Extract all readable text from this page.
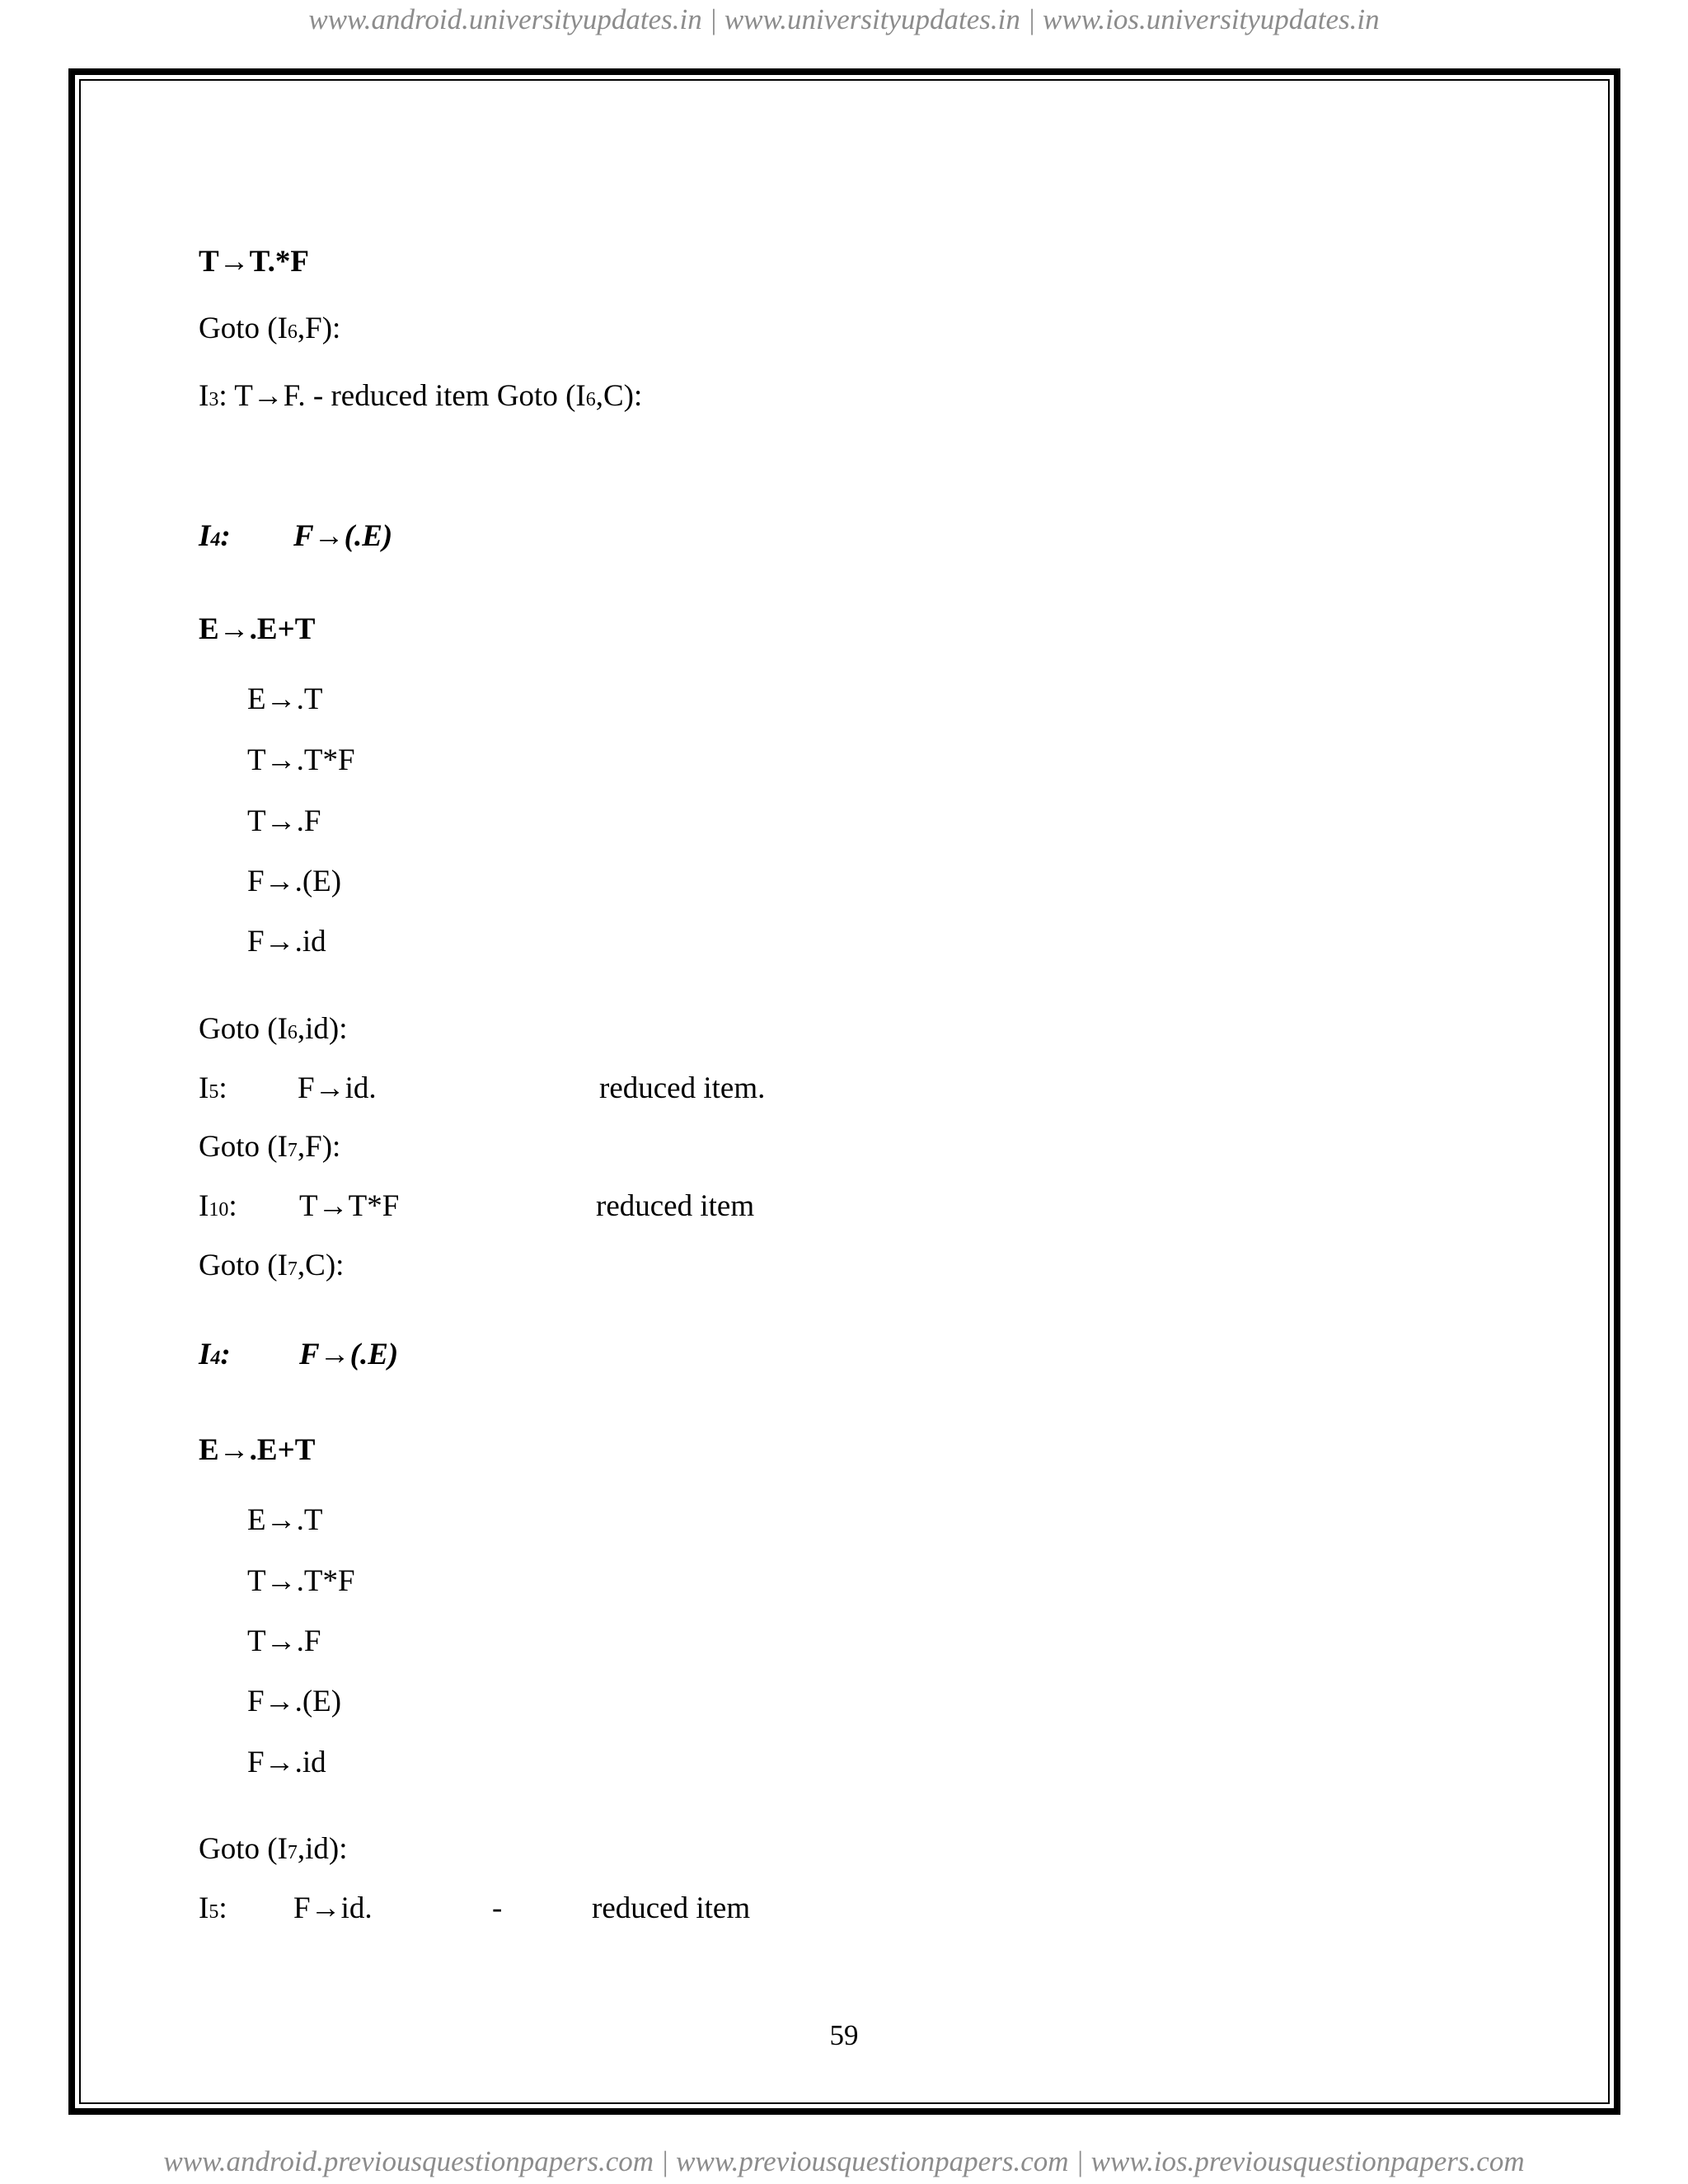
www.android.universityupdates.in | www.universityupdates.in | www.ios.universityupdates.in
T→T.*F
Goto (I6,F):
I3: T→F. - reduced item Goto (I6,C):
I4: F→(.E)
E→.E+T
E→.T
T→.T*F
T→.F
F→.(E)
F→.id
Goto (I6,id):
I5: F→id.	reduced item.
Goto (I7,F):
I10: T→T*F	reduced item
Goto (I7,C):
I4: F→(.E)
E→.E+T
E→.T
T→.T*F
T→.F
F→.(E)
F→.id
Goto (I7,id):
I5: F→id.	-	reduced item
59
www.android.previousquestionpapers.com | www.previousquestionpapers.com | www.ios.previousquestionpapers.com
